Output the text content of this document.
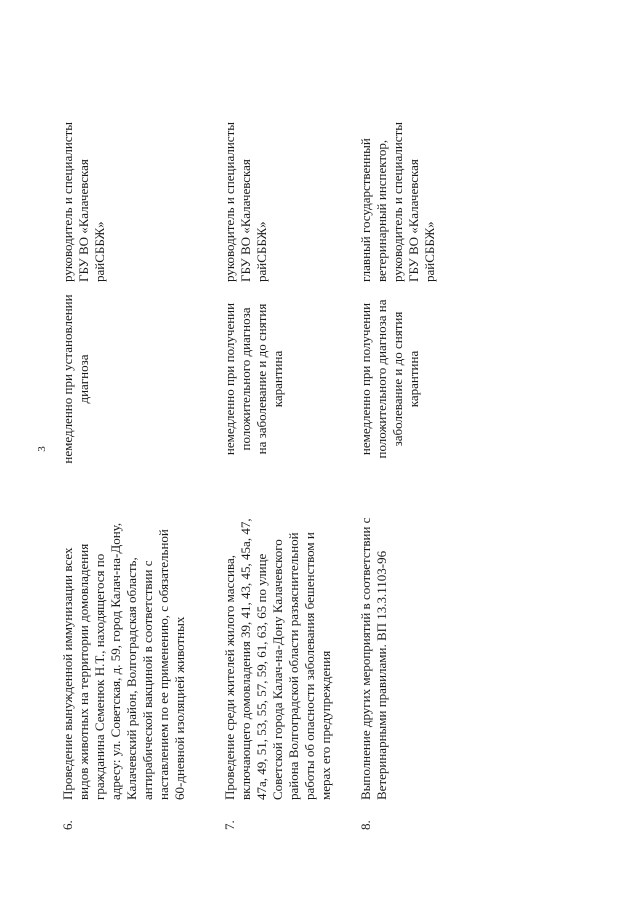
3
6.
Проведение вынужденной иммунизации всех видов животных на территории домовладения гражданина Семенюк Н.Т., находящегося по адресу: ул. Советская, д. 59, город Калач-на-Дону, Калачевский район, Волгоградская область, антирабической вакциной в соответствии с наставлением по ее применению, с обязательной 60-дневной изоляцией животных
немедленно при установлении диагноза
руководитель и специалисты ГБУ ВО «Калачевская райСББЖ»
7.
Проведение среди жителей жилого массива, включающего домовладения 39, 41, 43, 45, 45а, 47, 47а, 49, 51, 53, 55, 57, 59, 61, 63, 65 по улице Советской города Калач-на-Дону Калачевского района Волгоградской области разъяснительной работы об опасности заболевания бешенством и мерах его предупреждения
немедленно при получении положительного диагноза на заболевание и до снятия карантина
руководитель и специалисты ГБУ ВО «Калачевская райСББЖ»
8.
Выполнение других мероприятий в соответствии с Ветеринарными правилами. ВП 13.3.1103-96
немедленно при получении положительного диагноза на заболевание и до снятия карантина
главный государственный ветеринарный инспектор, руководитель и специалисты ГБУ ВО «Калачевская райСББЖ»
